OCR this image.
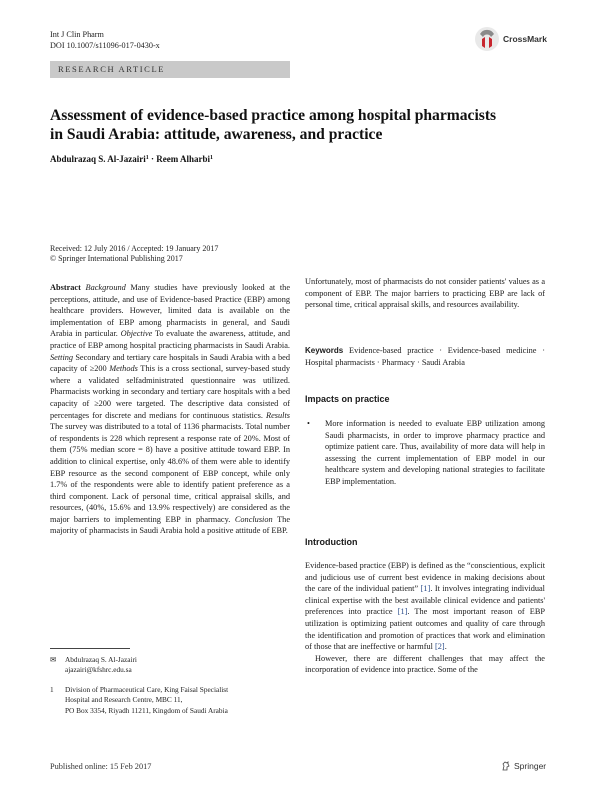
Int J Clin Pharm
DOI 10.1007/s11096-017-0430-x
CrossMark
RESEARCH ARTICLE
Assessment of evidence-based practice among hospital pharmacists in Saudi Arabia: attitude, awareness, and practice
Abdulrazaq S. Al-Jazairi$^1$ · Reem Alharbi$^1$
Received: 12 July 2016 / Accepted: 19 January 2017
© Springer International Publishing 2017

Abstract Background Many studies have previously looked at the perceptions, attitude, and use of Evidence-based Practice (EBP) among healthcare providers. However, limited data is available on the implementation of EBP among pharmacists in general, and Saudi Arabia in particular. Objective To evaluate the awareness, attitude, and practice of EBP among hospital practicing pharmacists in Saudi Arabia. Setting Secondary and tertiary care hospitals in Saudi Arabia with a bed capacity of ≥200 Methods This is a cross sectional, survey-based study where a validated selfadministrated questionnaire was utilized. Pharmacists working in secondary and tertiary care hospitals with a bed capacity of ≥200 were targeted. The descriptive data consisted of percentages for discrete and medians for continuous statistics. Results The survey was distributed to a total of 1136 pharmacists. Total number of respondents is 228 which represent a response rate of 20%. Most of them (75% median score = 8) have a positive attitude toward EBP. In addition to clinical expertise, only 48.6% of them were able to identify EBP resource as the second component of EBP concept, while only 1.7% of the respondents were able to identify patient preference as a third component. Lack of personal time, critical appraisal skills, and resources, (40%, 15.6% and 13.9% respectively) are considered as the major barriers to implementing EBP in pharmacy. Conclusion The majority of pharmacists in Saudi Arabia hold a positive attitude of EBP.

Unfortunately, most of pharmacists do not consider patients' values as a component of EBP. The major barriers to practicing EBP are lack of personal time, critical appraisal skills, and resources availability.

Keywords Evidence-based practice · Evidence-based medicine · Hospital pharmacists · Pharmacy · Saudi Arabia
Impacts on practice
•	More information is needed to evaluate EBP utilization among Saudi pharmacists, in order to improve pharmacy practice and optimize patient care. Thus, availability of more data will help in assessing the current implementation of EBP model in our healthcare system and developing national strategies to facilitate EBP implementation.

Introduction

Evidence-based practice (EBP) is defined as the “conscientious, explicit and judicious use of current best evidence in making decisions about the care of the individual patient” [1]. It involves integrating individual clinical expertise with the best available clinical evidence and patients' preferences into practice [1]. The most important reason of EBP utilization is optimizing patient outcomes and quality of care through the identification and promotion of practices that work and elimination of those that are ineffective or harmful [2].

However, there are different challenges that may affect the incorporation of evidence into practice. Some of the

✉	Abdulrazaq S. Al-Jazairi
ajazairi@kfshrc.edu.sa
1	Division of Pharmaceutical Care, King Faisal Specialist
Hospital and Research Centre, MBC 11,
PO Box 3354, Riyadh 11211, Kingdom of Saudi Arabia
Published online: 15 Feb 2017	Springer
